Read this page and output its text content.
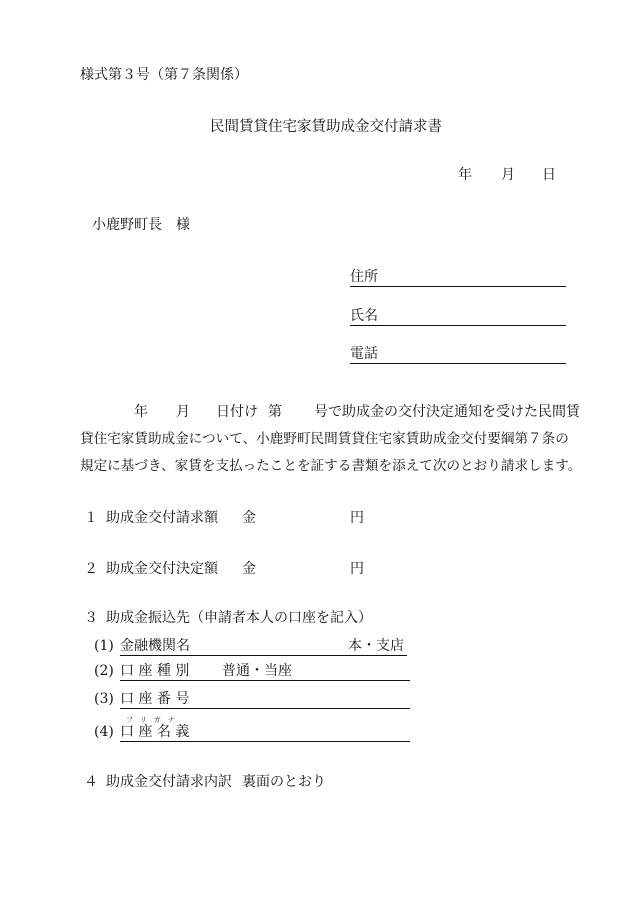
様式第３号（第７条関係）
民間賃貸住宅家賃助成金交付請求書
年 月 日
小鹿野町長　様
住所
氏名
電話
年 月 日付け 第 号で助成金の交付決定通知を受けた民間賃
貸住宅家賃助成金について、小鹿野町民間賃貸住宅家賃助成金交付要綱第７条の
規定に基づき、家賃を支払ったことを証する書類を添えて次のとおり請求します。
１ 助成金交付請求額 金	円
２ 助成金交付決定額 金	円
３ 助成金振込先（申請者本人の口座を記入）
(1) 金融機関名	本・支店
(2) 口 座 種 別 普通・当座
(3) 口 座 番 号
フリガナ
(4) 口 座 名 義
４ 助成金交付請求内訳 裏面のとおり
